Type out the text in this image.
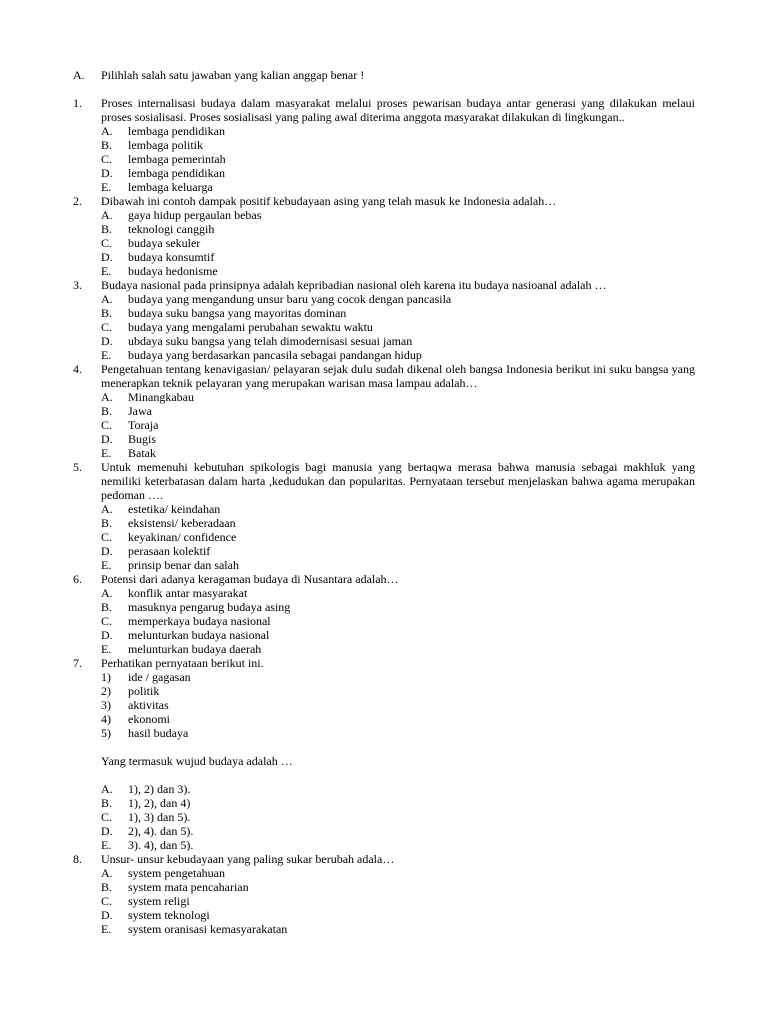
A.	Pilihlah salah satu jawaban yang kalian anggap benar !
1.	Proses internalisasi budaya dalam masyarakat melalui proses pewarisan budaya antar generasi yang dilakukan melaui proses sosialisasi. Proses sosialisasi yang paling awal diterima anggota masyarakat dilakukan di lingkungan..
A.	lembaga pendidikan
B.	lembaga politik
C.	lembaga pemerintah
D.	lembaga pendidikan
E.	lembaga keluarga
2.	Dibawah ini contoh dampak positif kebudayaan asing yang telah masuk ke Indonesia adalah…
A.	gaya hidup pergaulan bebas
B.	teknologi canggih
C.	budaya sekuler
D.	budaya konsumtif
E.	budaya hedonisme
3.	Budaya nasional pada prinsipnya adalah kepribadian nasional oleh karena itu budaya nasioanal adalah …
A.	budaya yang mengandung unsur baru yang cocok dengan pancasila
B.	budaya suku bangsa yang mayoritas dominan
C.	budaya yang mengalami perubahan sewaktu waktu
D.	ubdaya suku bangsa yang telah dimodernisasi sesuai jaman
E.	budaya yang berdasarkan pancasila sebagai pandangan hidup
4.	Pengetahuan tentang kenavigasian/ pelayaran sejak dulu sudah dikenal oleh bangsa Indonesia berikut ini suku bangsa yang menerapkan teknik pelayaran yang merupakan warisan masa lampau adalah…
A.	Minangkabau
B.	Jawa
C.	Toraja
D.	Bugis
E.	Batak
5.	Untuk memenuhi kebutuhan spikologis bagi manusia yang bertaqwa merasa bahwa manusia sebagai makhluk yang nemiliki keterbatasan dalam harta ,kedudukan dan popularitas. Pernyataan tersebut menjelaskan bahwa agama merupakan pedoman ….
A.	estetika/ keindahan
B.	eksistensi/ keberadaan
C.	keyakinan/ confidence
D.	perasaan kolektif
E.	prinsip benar dan salah
6.	Potensi dari adanya keragaman budaya di Nusantara adalah…
A.	konflik antar masyarakat
B.	masuknya pengarug budaya asing
C.	memperkaya budaya nasional
D.	melunturkan budaya nasional
E.	melunturkan budaya daerah
7.	Perhatikan pernyataan berikut ini.
1)	ide / gagasan
2)	politik
3)	aktivitas
4)	ekonomi
5)	hasil budaya
Yang termasuk wujud budaya adalah …
A.	1), 2) dan 3).
B.	1), 2), dan 4)
C.	1), 3) dan 5).
D.	2), 4). dan 5).
E.	3). 4), dan 5).
8.	Unsur- unsur kebudayaan yang paling sukar berubah adala…
A.	system pengetahuan
B.	system mata pencaharian
C.	system religi
D.	system teknologi
E.	system oranisasi kemasyarakatan
